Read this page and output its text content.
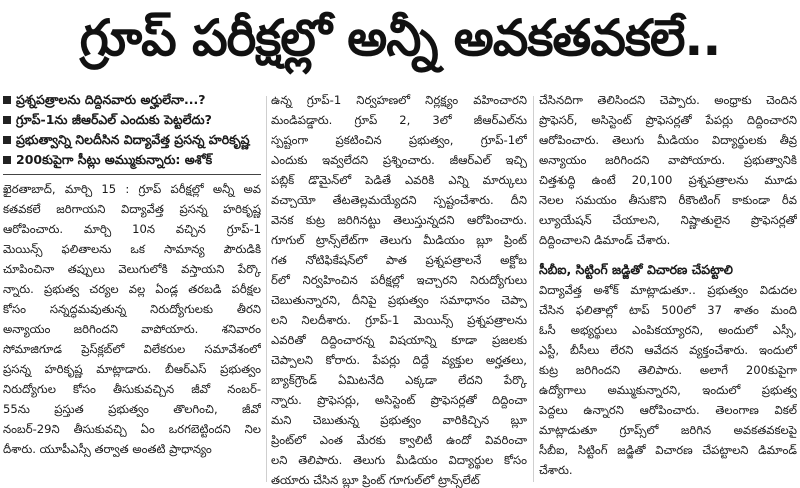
గ్రూప్ పరీక్షల్లో అన్నీ అవకతవకలే..
ప్రశ్నపత్రాలను దిద్దినవారు అర్హులేనా...?
గ్రూప్-1ను జీఆర్ఎల్ ఎందుకు పెట్టలేదు?
ప్రభుత్వాన్ని నిలదీసిన విద్యావేత్త ప్రసన్న హరికృష్ణ
200కుపైగా సీట్లు అమ్ముకున్నారు: అశోక్
ఖైరతాబాద్, మార్చి 15 : గ్రూప్ పరీక్షల్లో అన్నీ అవ
కతవకలే జరిగాయని విద్యావేత్త ప్రసన్న హరికృష్ణ
ఆరోపించారు. మార్చి 10న వచ్చిన గ్రూప్-1
మెయిన్స్ ఫలితాలను ఒక సామాన్య పౌరుడికి
చూపించినా తప్పులు వెలుగులోకి వస్తాయని పేర్కొ
న్నారు. ప్రభుత్వ చర్యల వల్ల ఏండ్ల తరబడి పరీక్షల
కోసం సన్నద్ధమవుతున్న నిరుద్యోగులకు తీరని
అన్యాయం జరిగిందని వాపోయారు. శనివారం
సోమాజిగూడ ప్రెస్‌క్లబ్‌లో విలేకరుల సమావేశంలో
ప్రసన్న హరికృష్ణ మాట్లాడారు. బీఆర్ఎస్ ప్రభుత్వం
నిరుద్యోగుల కోసం తీసుకువచ్చిన జీవో నంబర్-
55ను ప్రస్తుత ప్రభుత్వం తొలగించి, జీవో
నంబర్-29ని తీసుకువచ్చి ఏం ఒరగబెట్టిందని నిల
దీశారు. యూపీఎస్సీ తర్వాత అంతటి ప్రాధాన్యం
ఉన్న గ్రూప్-1 నిర్వహణలో నిర్లక్ష్యం వహించారని
మండిపడ్డారు. గ్రూప్ 2, 3లో జీఆర్ఎల్‌ను
స్పష్టంగా ప్రకటించిన ప్రభుత్వం, గ్రూప్-1లో
ఎందుకు ఇవ్వలేదని ప్రశ్నించారు. జీఆర్ఎల్ ఇచ్చి
పబ్లిక్ డొమైన్‌లో పెడితే ఎవరికి ఎన్ని మార్కులు
వచ్చాయో తేటతెల్లమయ్యేదని స్పష్టంచేశారు. దీని
వెనక కుట్ర జరిగినట్టు తెలుస్తున్నదని ఆరోపించారు.
గూగుల్ ట్రాన్స్‌లేట్‌గా తెలుగు మీడియం బ్లూ ప్రింట్
గత నోటిఫికేషన్‌లో పాత ప్రశ్నపత్రాలనే అక్టోబ
ర్‌లో నిర్వహించిన పరీక్షల్లో ఇచ్చారని నిరుద్యోగులు
చెబుతున్నారని, దీనిపై ప్రభుత్వం సమాధానం చెప్పా
లని నిలదీశారు. గ్రూప్-1 మెయిన్స్ ప్రశ్నపత్రాలను
ఎవరితో దిద్దించారన్న విషయాన్ని కూడా ప్రజలకు
చెప్పాలని కోరారు. పేపర్లు దిద్దే వ్యక్తుల అర్హతలు,
బ్యాక్‌గ్రౌండ్ ఏమిటనేది ఎక్కడా లేదని పేర్కొ
న్నారు. ప్రొఫెసర్లు, అసిస్టెంట్ ప్రొఫెసర్లతో దిద్దించా
మని చెబుతున్న ప్రభుత్వం వారికిచ్చిన బ్లూ
ప్రింట్‌లో ఎంత మేరకు క్వాలిటీ ఉందో వివరించా
లని తెలిపారు. తెలుగు మీడియం విద్యార్థుల కోసం
తయారు చేసిన బ్లూ ప్రింట్ గూగుల్‌లో ట్రాన్స్‌లేట్
చేసినదిగా తెలిసిందని చెప్పారు. అంధ్రాకు చెందిన
ప్రొఫెసర్, అసిస్టెంట్ ప్రొఫెసర్లతో పేపర్లు దిద్దించారని
ఆరోపించారు. తెలుగు మీడియం విద్యార్థులకు తీవ్ర
అన్యాయం జరిగిందని వాపోయారు. ప్రభుత్వానికి
చిత్తశుద్ధి ఉంటే 20,100 ప్రశ్నపత్రాలను మూడు
నెలల సమయం తీసుకొని రీకౌంటింగ్ కాకుండా రీవ
ల్యూయేషన్ చేయాలని, నిష్ణాతులైన ప్రొఫెసర్లతో
దిద్దించాలని డిమాండ్ చేశారు.
సీబీఐ, సిట్టింగ్ జడ్జితో విచారణ చేపట్టాలి
విద్యావేత్త అశోక్ మాట్లాడుతూ.. ప్రభుత్వం విడుదల
చేసిన ఫలితాల్లో టాప్ 500లో 37 శాతం మంది
ఓసీ అభ్యర్థులు ఎంపికయ్యారని, అందులో ఎస్సీ,
ఎస్టీ, బీసీలు లేరని ఆవేదన వ్యక్తంచేశారు. ఇందులో
కుట్ర జరిగిందని తెలిపారు. అలాగే 200కుపైగా
ఉద్యోగాలు అమ్ముకున్నారని, ఇందులో ప్రభుత్వ
పెద్దలు ఉన్నారని ఆరోపించారు. తెలంగాణ వికల్
మాట్లాడుతూ గ్రూప్స్‌లో జరిగిన అవకతవకలపై
సీబీఐ, సిట్టింగ్ జడ్జితో విచారణ చేపట్టాలని డిమాండ్
చేశారు.
